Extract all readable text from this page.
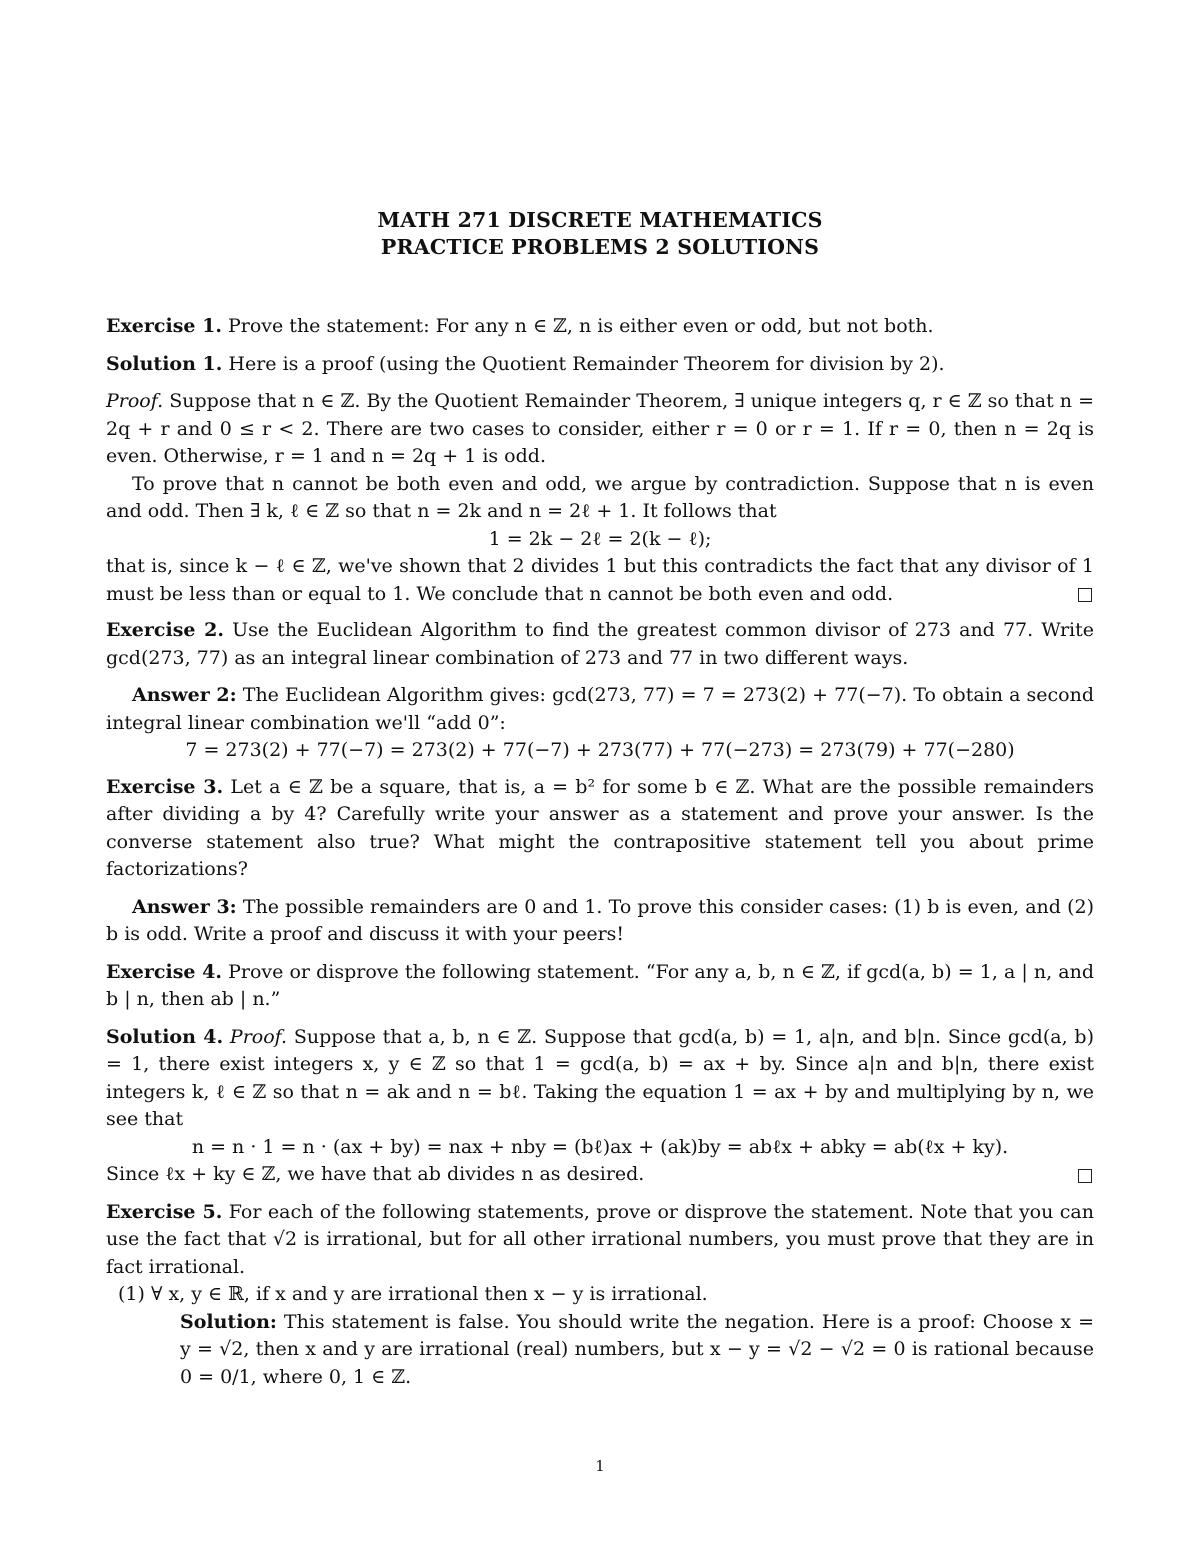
MATH 271 DISCRETE MATHEMATICS
PRACTICE PROBLEMS 2 SOLUTIONS

Exercise 1. Prove the statement: For any n ∈ ℤ, n is either even or odd, but not both.

Solution 1. Here is a proof (using the Quotient Remainder Theorem for division by 2).

Proof. Suppose that n ∈ ℤ. By the Quotient Remainder Theorem, ∃ unique integers q, r ∈ ℤ so that n = 2q + r and 0 ≤ r < 2. There are two cases to consider, either r = 0 or r = 1. If r = 0, then n = 2q is even. Otherwise, r = 1 and n = 2q + 1 is odd.

To prove that n cannot be both even and odd, we argue by contradiction. Suppose that n is even and odd. Then ∃ k, ℓ ∈ ℤ so that n = 2k and n = 2ℓ + 1. It follows that

1 = 2k − 2ℓ = 2(k − ℓ);

that is, since k − ℓ ∈ ℤ, we've shown that 2 divides 1 but this contradicts the fact that any divisor of 1 must be less than or equal to 1. We conclude that n cannot be both even and odd.

Exercise 2. Use the Euclidean Algorithm to find the greatest common divisor of 273 and 77. Write gcd(273, 77) as an integral linear combination of 273 and 77 in two different ways.

Answer 2: The Euclidean Algorithm gives: gcd(273, 77) = 7 = 273(2) + 77(−7). To obtain a second integral linear combination we'll “add 0”:

7 = 273(2) + 77(−7) = 273(2) + 77(−7) + 273(77) + 77(−273) = 273(79) + 77(−280)

Exercise 3. Let a ∈ ℤ be a square, that is, a = b² for some b ∈ ℤ. What are the possible remainders after dividing a by 4? Carefully write your answer as a statement and prove your answer. Is the converse statement also true? What might the contrapositive statement tell you about prime factorizations?

Answer 3: The possible remainders are 0 and 1. To prove this consider cases: (1) b is even, and (2) b is odd. Write a proof and discuss it with your peers!

Exercise 4. Prove or disprove the following statement. “For any a, b, n ∈ ℤ, if gcd(a, b) = 1, a | n, and b | n, then ab | n.”

Solution 4. Proof. Suppose that a, b, n ∈ ℤ. Suppose that gcd(a, b) = 1, a|n, and b|n. Since gcd(a, b) = 1, there exist integers x, y ∈ ℤ so that 1 = gcd(a, b) = ax + by. Since a|n and b|n, there exist integers k, ℓ ∈ ℤ so that n = ak and n = bℓ. Taking the equation 1 = ax + by and multiplying by n, we see that

n = n · 1 = n · (ax + by) = nax + nby = (bℓ)ax + (ak)by = abℓx + abky = ab(ℓx + ky).

Since ℓx + ky ∈ ℤ, we have that ab divides n as desired.

Exercise 5. For each of the following statements, prove or disprove the statement. Note that you can use the fact that √2 is irrational, but for all other irrational numbers, you must prove that they are in fact irrational.

(1) ∀ x, y ∈ ℝ, if x and y are irrational then x − y is irrational.

Solution: This statement is false. You should write the negation. Here is a proof: Choose x = y = √2, then x and y are irrational (real) numbers, but x − y = √2 − √2 = 0 is rational because 0 = 0/1, where 0, 1 ∈ ℤ.

1
